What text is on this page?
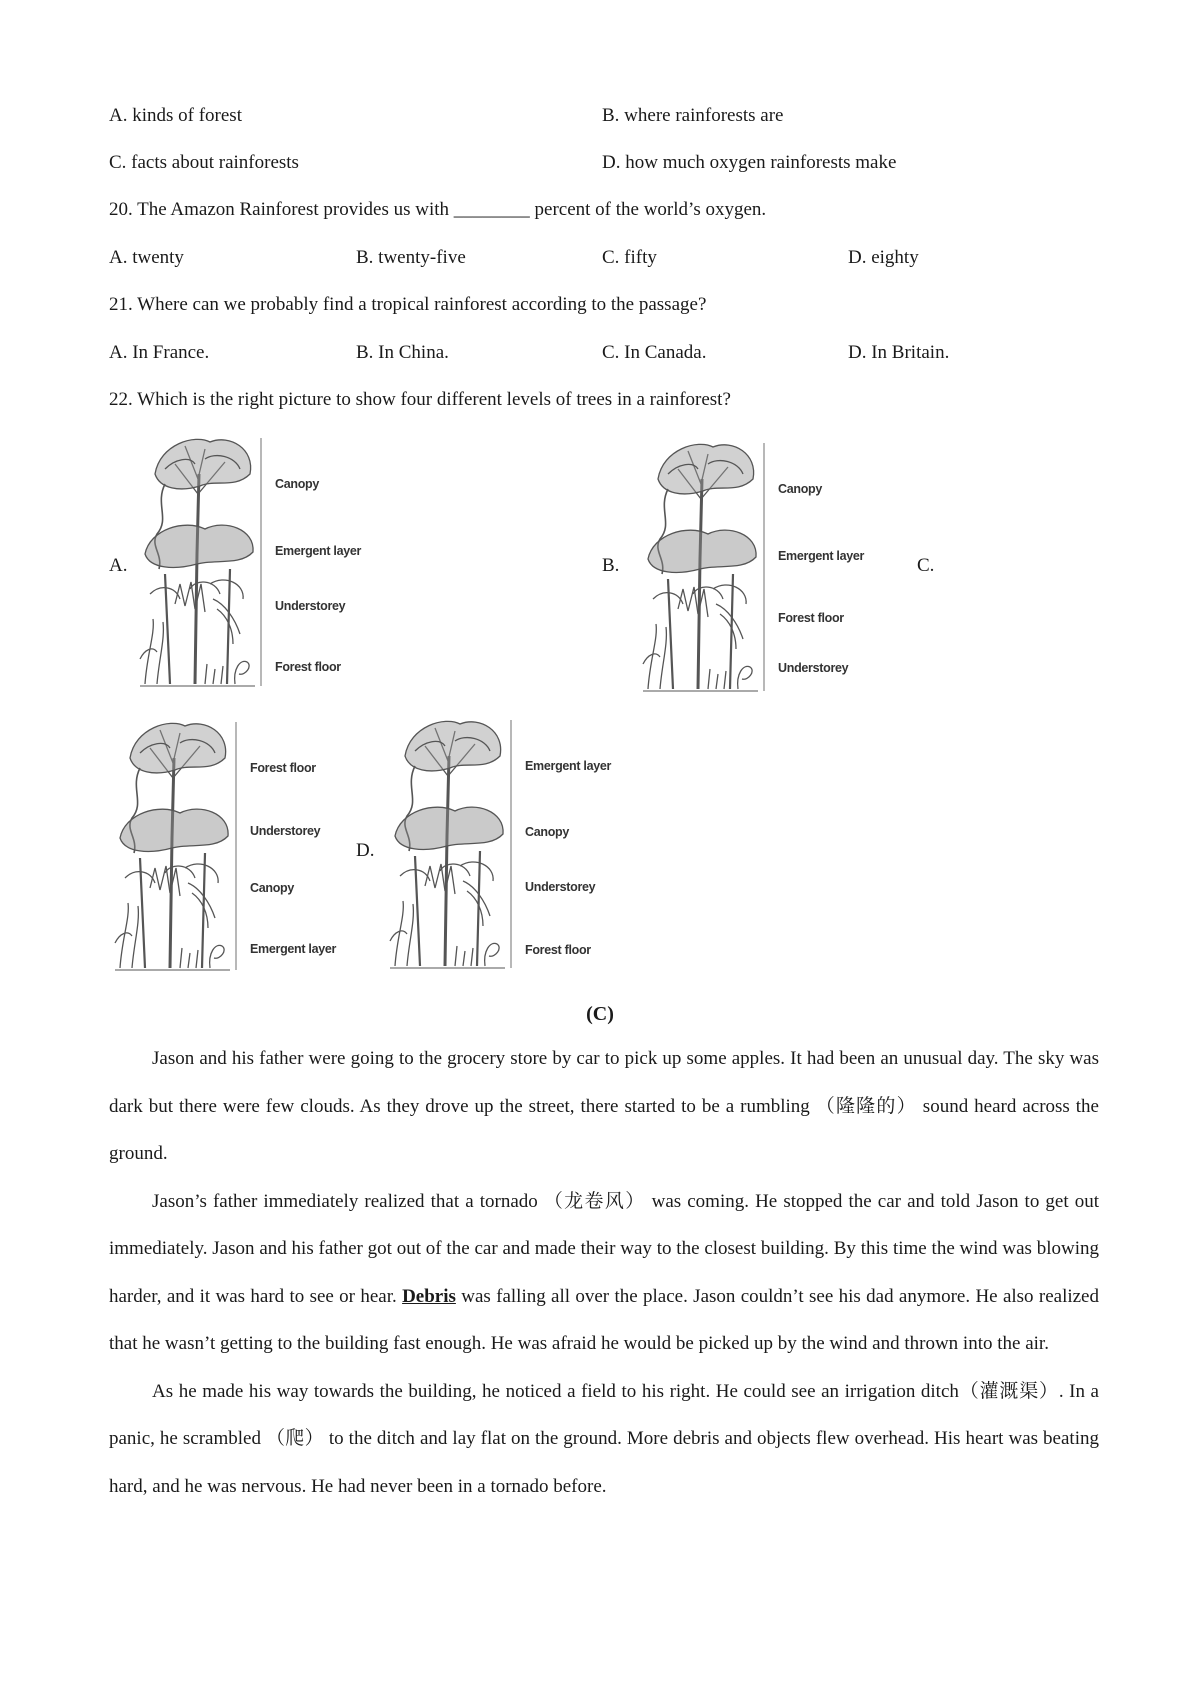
A. kinds of forest	B. where rainforests are
C. facts about rainforests	D. how much oxygen rainforests make
20. The Amazon Rainforest provides us with ________ percent of the world’s oxygen.
A. twenty	B. twenty-five	C. fifty	D. eighty
21. Where can we probably find a tropical rainforest according to the passage?
A. In France.	B. In China.	C. In Canada.	D. In Britain.
22. Which is the right picture to show four different levels of trees in a rainforest?
A.	B.	C.
D.
Canopy
Emergent layer
Understorey
Forest floor
Canopy
Emergent layer
Forest floor
Understorey
Forest floor
Understorey
Canopy
Emergent layer
Emergent layer
Canopy
Understorey
Forest floor
(C)

Jason and his father were going to the grocery store by car to pick up some apples. It had been an unusual day. The sky was dark but there were few clouds. As they drove up the street, there started to be a rumbling （隆隆的） sound heard across the ground.

Jason’s father immediately realized that a tornado （龙卷风） was coming. He stopped the car and told Jason to get out immediately. Jason and his father got out of the car and made their way to the closest building. By this time the wind was blowing harder, and it was hard to see or hear. Debris was falling all over the place. Jason couldn’t see his dad anymore. He also realized that he wasn’t getting to the building fast enough. He was afraid he would be picked up by the wind and thrown into the air.

As he made his way towards the building, he noticed a field to his right. He could see an irrigation ditch（灌溉渠）. In a panic, he scrambled （爬） to the ditch and lay flat on the ground. More debris and objects flew overhead. His heart was beating hard, and he was nervous. He had never been in a tornado before.
